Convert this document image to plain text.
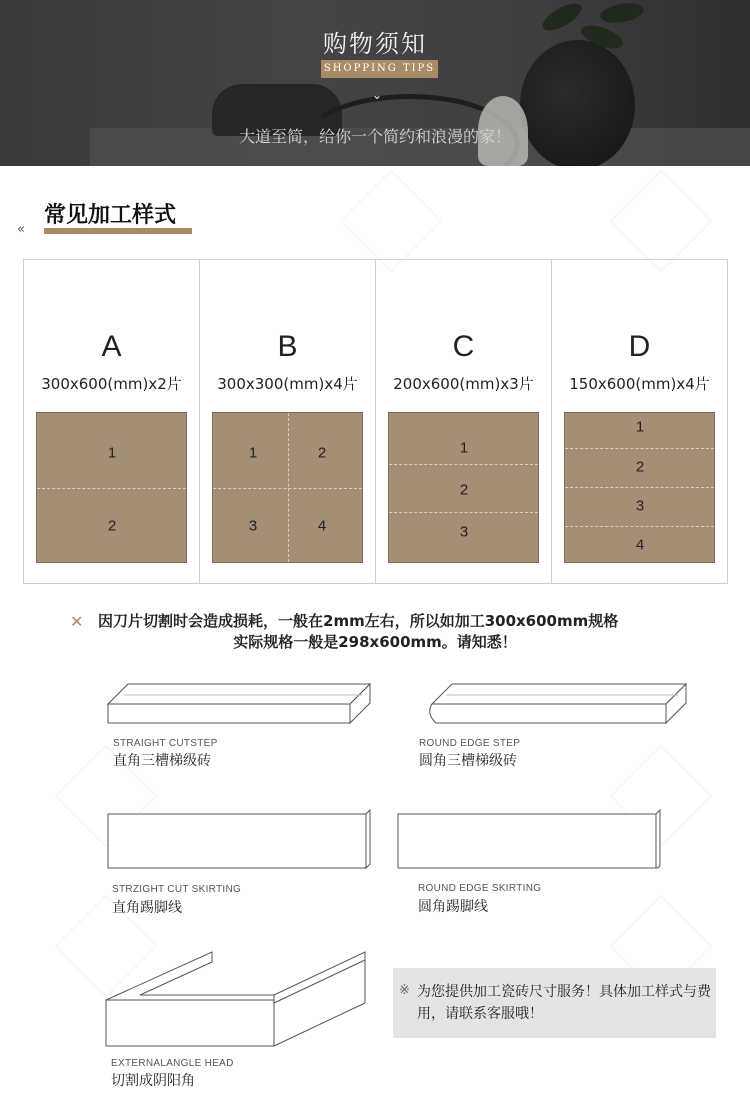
购物须知
SHOPPING TIPS
⌄
大道至简，给你一个简约和浪漫的家！
«
常见加工样式
A
300x600(mm)x2片
1
2
B
300x300(mm)x4片
1	2
3	4
C
200x600(mm)x3片
1
2
3
D
150x600(mm)x4片
1
2
3
4
✕ 因刀片切割时会造成损耗，一般在2mm左右，所以如加工300x600mm规格
实际规格一般是298x600mm。请知悉！
STRAIGHT CUTSTEP
直角三槽梯级砖
ROUND EDGE STEP
圆角三槽梯级砖
STRZIGHT CUT SKIRTING
直角踢脚线
ROUND EDGE SKIRTING
圆角踢脚线
EXTERNALANGLE HEAD
切割成阴阳角
※ 为您提供加工瓷砖尺寸服务！具体加工样式与费用，请联系客服哦！
